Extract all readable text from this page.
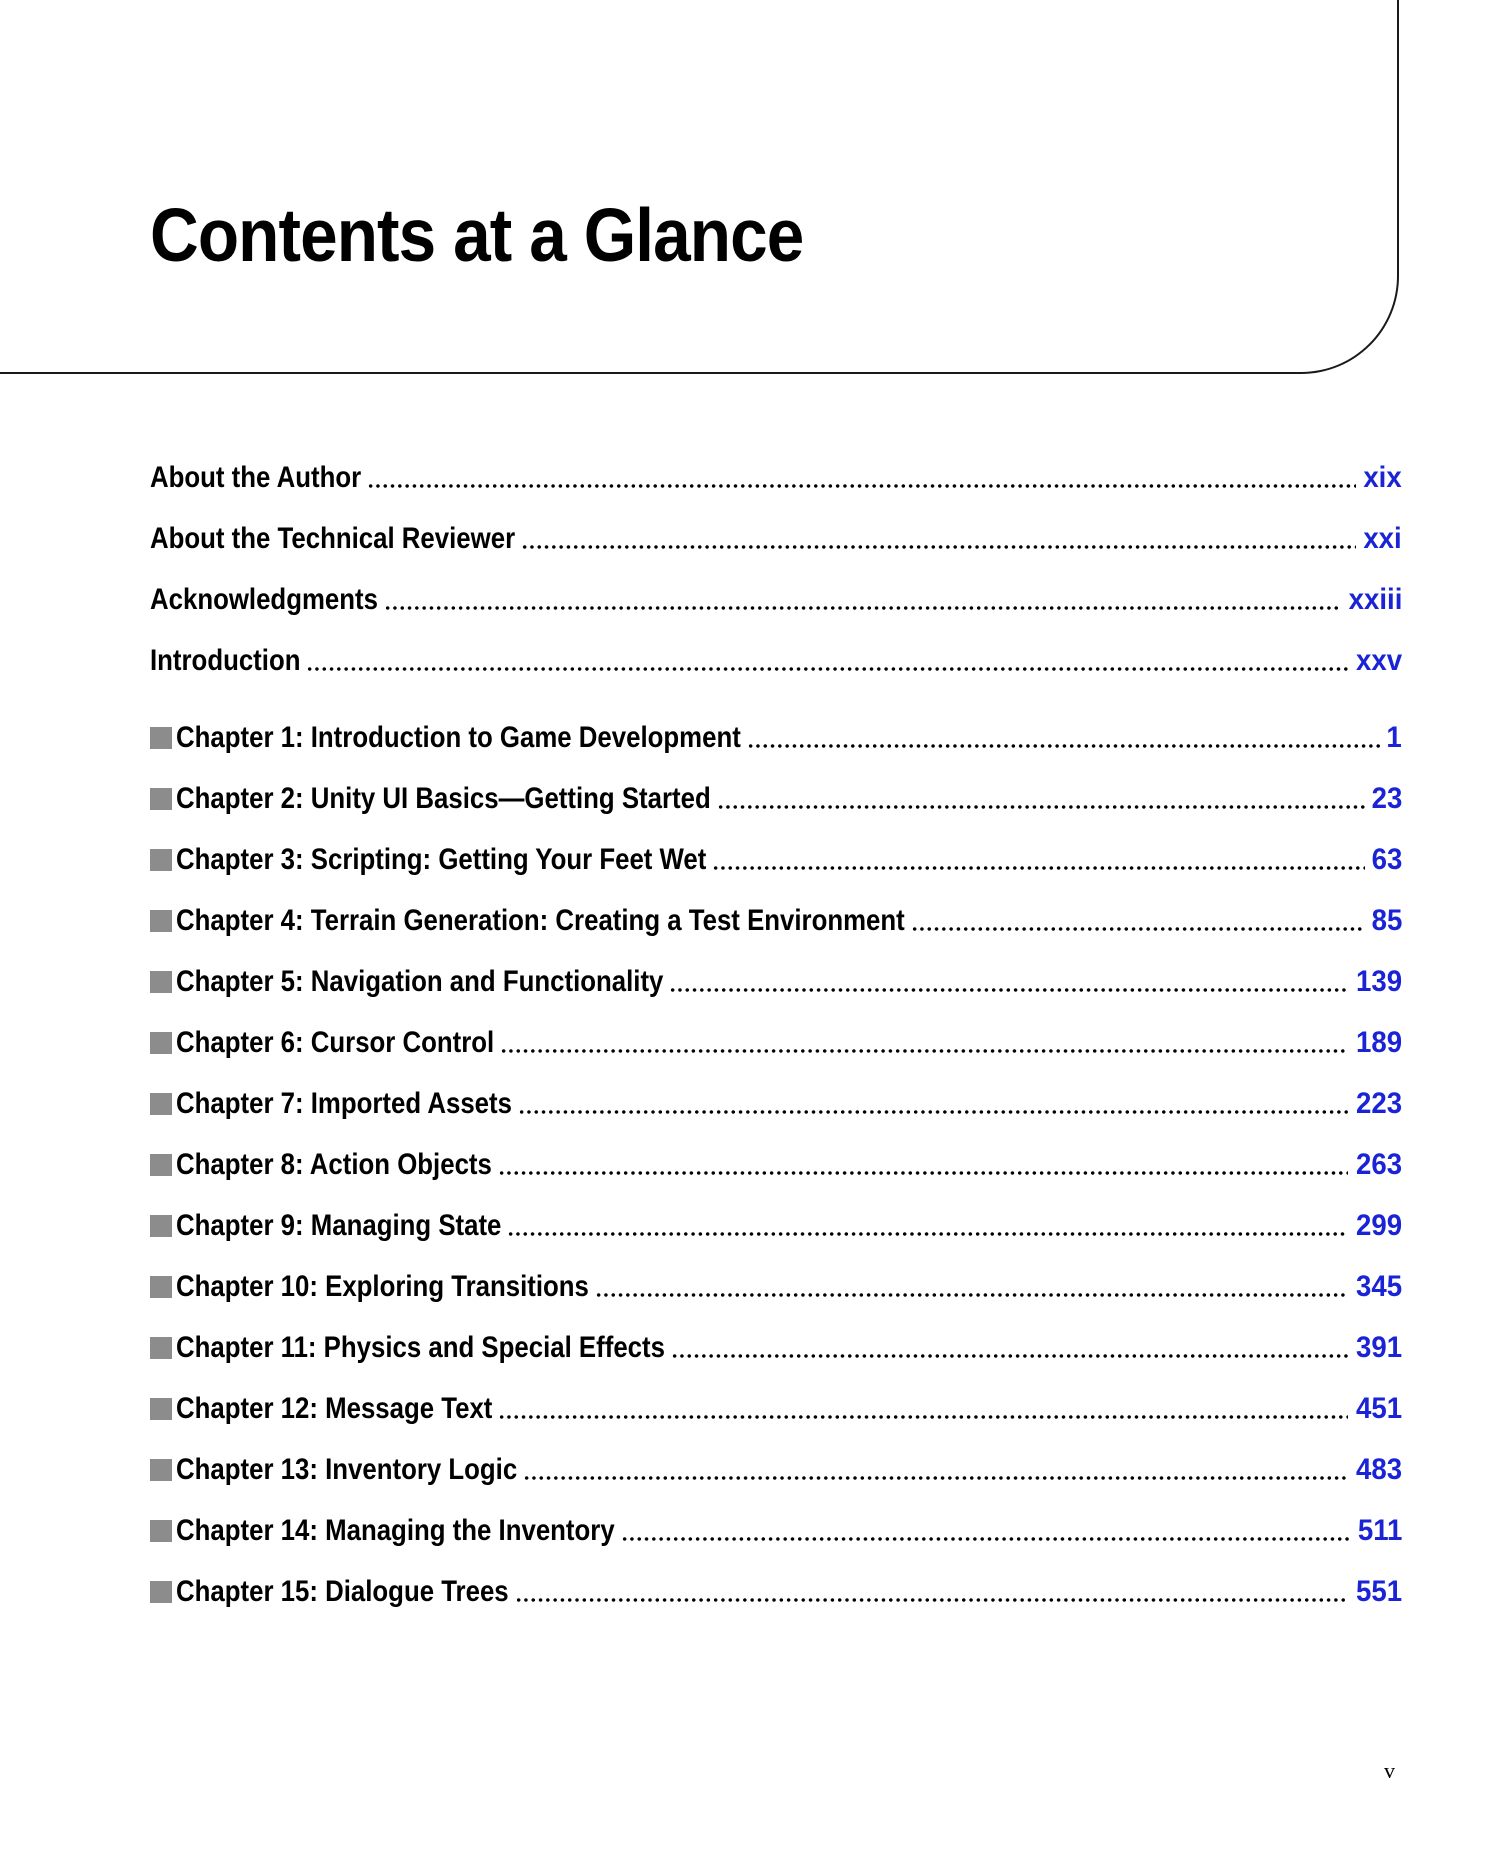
Contents at a Glance
About the Author	xix
About the Technical Reviewer	xxi
Acknowledgments	xxiii
Introduction	xxv
Chapter 1: Introduction to Game Development	1
Chapter 2: Unity UI Basics—Getting Started	23
Chapter 3: Scripting: Getting Your Feet Wet	63
Chapter 4: Terrain Generation: Creating a Test Environment	85
Chapter 5: Navigation and Functionality	139
Chapter 6: Cursor Control	189
Chapter 7: Imported Assets	223
Chapter 8: Action Objects	263
Chapter 9: Managing State	299
Chapter 10: Exploring Transitions	345
Chapter 11: Physics and Special Effects	391
Chapter 12: Message Text	451
Chapter 13: Inventory Logic	483
Chapter 14: Managing the Inventory	511
Chapter 15: Dialogue Trees	551
v
